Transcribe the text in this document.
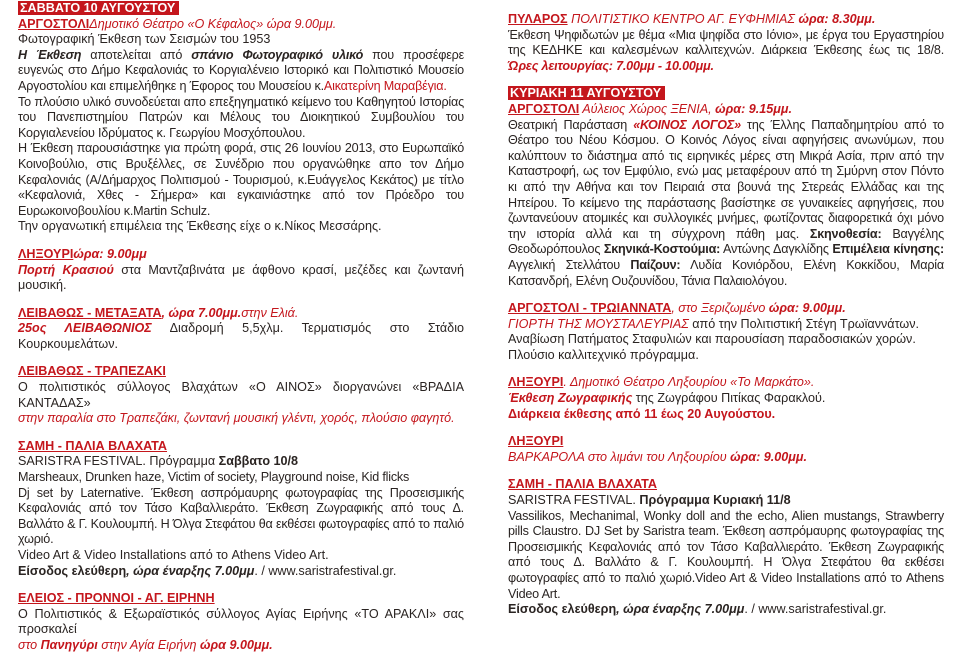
ΣΑΒΒΑΤΟ 10 ΑΥΓΟΥΣΤΟΥ

ΑΡΓΟΣΤΟΛΙΔημοτικό Θέατρο «Ο Κέφαλος» ώρα 9.00μμ.

Φωτογραφική Έκθεση των Σεισμών του 1953

Η Έκθεση αποτελείται από σπάνιο Φωτογραφικό υλικό που προσέφερε ευγενώς στο Δήμο Κεφαλονιάς το Κοργιαλένειο Ιστορικό και Πολιτιστικό Μουσείο Αργοστολίου και επιμελήθηκε η Έφορος του Μουσείου κ.Αικατερίνη Μαραβέγια.

Το πλούσιο υλικό συνοδεύεται απο επεξηγηματικό κείμενο του Καθηγητού Ιστορίας του Πανεπιστημίου Πατρών και Μέλους του Διοικητικού Συμβουλίου του Κοργιαλενείου Ιδρύματος κ. Γεωργίου Μοσχόπουλου.

Η Έκθεση παρουσιάστηκε για πρώτη φορά, στις 26 Ιουνίου 2013, στο Ευρωπαϊκό Κοινοβούλιο, στις Βρυξέλλες, σε Συνέδριο που οργανώθηκε απο τον Δήμο Κεφαλονιάς (Α/Δήμαρχος Πολιτισμού - Τουρισμού, κ.Ευάγγελος Κεκάτος) με τίτλο «Κεφαλονιά, Χθες - Σήμερα» και εγκαινιάστηκε από τον Πρόεδρο του Ευρωκοινοβουλίου κ.Martin Schulz.

Την οργανωτική επιμέλεια της Έκθεσης είχε ο κ.Νίκος Μεσσάρης.

ΛΗΞΟΥΡΙώρα: 9.00μμ

Πορτή Κρασιού στα Μαντζαβινάτα με άφθονο κρασί, μεζέδες και ζωντανή μουσική.

ΛΕΙΒΑΘΩΣ - ΜΕΤΑΞΑΤΑ, ώρα 7.00μμ.στην Ελιά.

25ος ΛΕΙΒΑΘΩΝΙΟΣ Διαδρομή 5,5χλμ. Τερματισμός στο Στάδιο Κουρκουμελάτων.

ΛΕΙΒΑΘΩΣ - ΤΡΑΠΕΖΑΚΙ

Ο πολιτιστικός σύλλογος Βλαχάτων «Ο ΑΙΝΟΣ» διοργανώνει «ΒΡΑΔΙΑ ΚΑΝΤΑΔΑΣ»

στην παραλία στο Τραπεζάκι, ζωντανή μουσική γλέντι, χορός, πλούσιο φαγητό.

ΣΑΜΗ - ΠΑΛΙΑ ΒΛΑΧΑΤΑ

SARISTRA FESTIVAL. Πρόγραμμα Σαββατο 10/8

Marsheaux, Drunken haze, Victim of society, Playground noise, Kid flicks

Dj set by Laternative. Έκθεση ασπρόμαυρης φωτογραφίας της Προσεισμικής Κεφαλονιάς από τον Τάσο Καβαλλιεράτο. Έκθεση Ζωγραφικής από τους Δ. Βαλλάτο & Γ. Κουλουμπή. Η Όλγα Στεφάτου θα εκθέσει φωτογραφίες από το παλιό χωριό.

Video Art & Video Installations από το Athens Video Art.

Είσοδος ελεύθερη, ώρα έναρξης 7.00μμ. / www.saristrafestival.gr.

ΕΛΕΙΟΣ - ΠΡΟΝΝΟΙ - ΑΓ. ΕΙΡΗΝΗ

Ο Πολιτιστικός & Εξωραϊστικός σύλλογος Αγίας Ειρήνης «ΤΟ ΑΡΑΚΛΙ» σας προσκαλεί

στο Πανηγύρι στην Αγία Ειρήνη ώρα 9.00μμ.

ΠΥΛΑΡΟΣ ΠΟΛΙΤΙΣΤΙΚΟ ΚΕΝΤΡΟ ΑΓ. ΕΥΦΗΜΙΑΣ ώρα: 8.30μμ.

Έκθεση Ψηφιδωτών με θέμα «Μια ψηφίδα στο Ιόνιο», με έργα του Εργαστηρίου της ΚΕΔΗΚΕ και καλεσμένων καλλιτεχνών. Διάρκεια Έκθεσης έως τις 18/8. Ώρες λειτουργίας: 7.00μμ - 10.00μμ.

ΚΥΡΙΑΚΗ 11 ΑΥΓΟΥΣΤΟΥ

ΑΡΓΟΣΤΟΛΙ Αύλειος Χώρος ΞΕΝΙΑ, ώρα: 9.15μμ.

Θεατρική Παράσταση «ΚΟΙΝΟΣ ΛΟΓΟΣ» της Έλλης Παπαδημητρίου από το Θέατρο του Νέου Κόσμου. Ο Κοινός Λόγος είναι αφηγήσεις ανωνύμων, που καλύπτουν το διάστημα από τις ειρηνικές μέρες στη Μικρά Ασία, πριν από την Καταστροφή, ως τον Εμφύλιο, ενώ μας μεταφέρουν από τη Σμύρνη στον Πόντο κι από την Αθήνα και τον Πειραιά στα βουνά της Στερεάς Ελλάδας και της Ηπείρου. Το κείμενο της παράστασης βασίστηκε σε γυναικείες αφηγήσεις, που ζωντανεύουν ατομικές και συλλογικές μνήμες, φωτίζοντας διαφορετικά όχι μόνο την ιστορία αλλά και τη σύγχρονη πάθη μας. Σκηνοθεσία: Βαγγέλης Θεοδωρόπουλος Σκηνικά-Κοστούμια: Αντώνης Δαγκλίδης Επιμέλεια κίνησης: Αγγελική Στελλάτου Παίζουν: Λυδία Κονιόρδου, Ελένη Κοκκίδου, Μαρία Κατσανδρή, Ελένη Ουζουνίδου, Τάνια Παλαιολόγου.

ΑΡΓΟΣΤΟΛΙ - ΤΡΩΙΑΝΝΑΤΑ, στο Ξεριζωμένο ώρα: 9.00μμ.

ΓΙΟΡΤΗ ΤΗΣ ΜΟΥΣΤΑΛΕΥΡΙΑΣ από την Πολιτιστική Στέγη Τρωϊαννάτων.

Αναβίωση Πατήματος Σταφυλιών και παρουσίαση παραδοσιακών χορών.

Πλούσιο καλλιτεχνικό πρόγραμμα.

ΛΗΞΟΥΡΙ. Δημοτικό Θέατρο Ληξουρίου «Το Μαρκάτο».

Έκθεση Ζωγραφικής της Ζωγράφου Πιτίκας Φαρακλού.

Διάρκεια έκθεσης από 11 έως 20 Αυγούστου.

ΛΗΞΟΥΡΙ

ΒΑΡΚΑΡΟΛΑ στο λιμάνι του Ληξουρίου ώρα: 9.00μμ.

ΣΑΜΗ - ΠΑΛΙΑ ΒΛΑΧΑΤΑ

SARISTRA FESTIVAL. Πρόγραμμα Κυριακή 11/8

Vassilikos, Mechanimal, Wonky doll and the echo, Alien mustangs, Strawberry pills Claustro. DJ Set by Saristra team. Έκθεση ασπρόμαυρης φωτογραφίας της Προσεισμικής Κεφαλονιάς από τον Τάσο Καβαλλιεράτο. Έκθεση Ζωγραφικής από τους Δ. Βαλλάτο & Γ. Κουλουμπή. Η Όλγα Στεφάτου θα εκθέσει φωτογραφίες από το παλιό χωριό.Video Art & Video Installations από το Athens Video Art.

Είσοδος ελεύθερη, ώρα έναρξης 7.00μμ. / www.saristrafestival.gr.
